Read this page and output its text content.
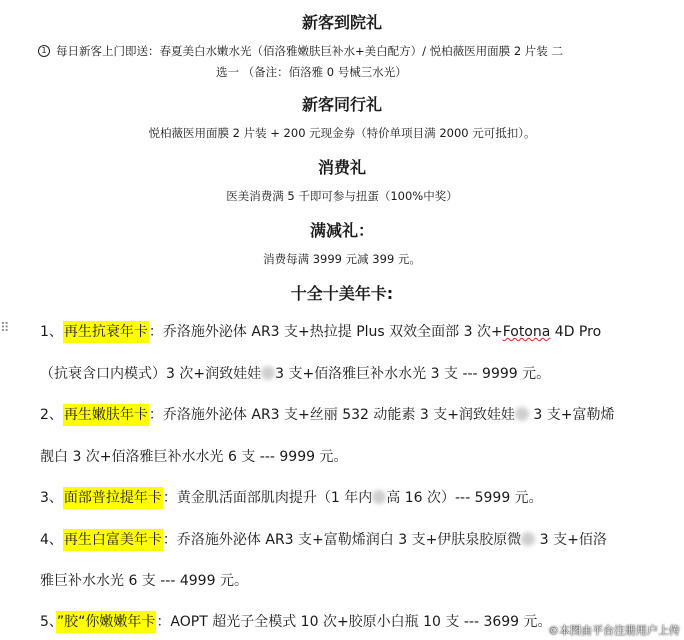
新客到院礼
1 每日新客上门即送：春夏美白水嫩水光（佰洛雅嫩肤巨补水+美白配方）/ 悦柏薇医用面膜 2 片装 二
选一 （备注：佰洛雅 0 号械三水光）
新客同行礼
悦柏薇医用面膜 2 片装 + 200 元现金券（特价单项目满 2000 元可抵扣）。
消费礼
医美消费满 5 千即可参与扭蛋（100%中奖）
满减礼：
消费每满 3999 元减 399 元。
十全十美年卡:
⠿ 1、再生抗衰年卡：乔洛施外泌体 AR3 支+热拉提 Plus 双效全面部 3 次+Fotona 4D Pro
（抗衰含口内模式）3 次+润致娃娃 3 支+佰洛雅巨补水水光 3 支 --- 9999 元。
2、再生嫩肤年卡：乔洛施外泌体 AR3 支+丝丽 532 动能素 3 支+润致娃娃 3 支+富勒烯
靓白 3 次+佰洛雅巨补水水光 6 支 --- 9999 元。
3、面部普拉提年卡：黄金肌活面部肌肉提升（1 年内 高 16 次）--- 5999 元。
4、再生白富美年卡：乔洛施外泌体 AR3 支+富勒烯润白 3 支+伊肤泉胶原微 3 支+佰洛
雅巨补水水光 6 支 --- 4999 元。
5、”胶“你嫩嫩年卡：AOPT 超光子全模式 10 次+胶原小白瓶 10 支 --- 3699 元。
©本图由平台注册用户上传
